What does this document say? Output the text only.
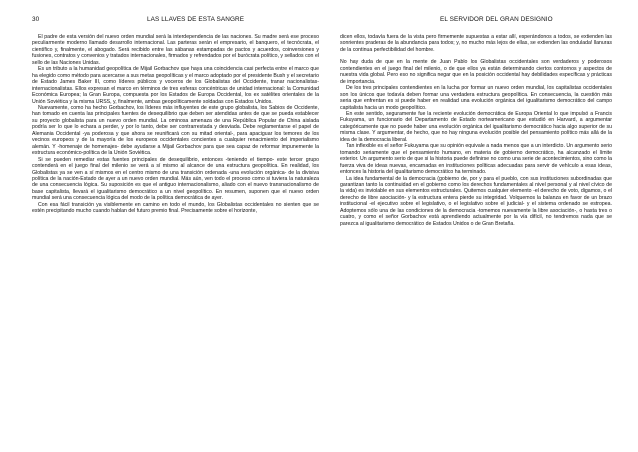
30	LAS LLAVES DE ESTA SANGRE	EL SERVIDOR DEL GRAN DESIGNIO

El padre de esta versión del nuevo orden mundial será la interdependencia de las naciones. Su madre será ese proceso peculiarmente moderno llamado desarrollo internacional. Las parteras serán el empresario, el banquero, el tecnócrata, el científico y, finalmente, el abogado. Será recibido entre las sábanas estampadas de pactos y acuerdos, coinversiones y fusiones, contratos y convenios y tratados internacionales, firmados y refrendados por el burócrata político, y sellados con el sello de las Naciones Unidas.

Es un tributo a la humanidad geopolítica de Mijail Gorbachov que haya una coincidencia casi perfecta entre el marco que ha elegido como método para acercarse a sus metas geopolíticas y el marco adoptado por el presidente Bush y el secretario de Estado James Baker III, como líderes públicos y voceros de los Globalistas del Occidente, tranar nacionalistas-internacionalistas. Ellos expresan el marco en términos de tres esferas concéntricas de unidad internacional: la Comunidad Económica Europea; la Gran Europa, compuesta por los Estados de Europa Occidental, los ex satélites orientales de la Unión Soviética y la misma URSS, y, finalmente, ambas geopolíticamente soldadas con Estados Unidos.

Nuevamente, como ha hecho Gorbachov, los líderes más influyentes de este grupo globalista, los Sabios de Occidente, han tomado en cuenta las principales fuentes de desequilibrio que deben ser atendidas antes de que se pueda establecer su proyecto globalista para un nuevo orden mundial. La ominosa amenaza de una República Popular de China aislada podría ser lo que lo echara a perder, y por lo tanto, debe ser contrarrestada y desviada. Debe reglamentarse el papel de Alemania Occidental -ya poderosa y que ahora se reunificará con su mitad oriental-, para apaciguar los temores de los vecinos europeos y de la mayoría de los europeos occidentales concientes a cualquier renacimiento del imperialismo alemán. Y -homenaje de homenajes- debe ayudarse a Mijail Gorbachov para que sea capaz de reformar impunemente la estructura económico-política de la Unión Soviética.

Si se pueden remediar estas fuentes principales de desequilibrio, entonces -teniendo el tiempo- este tercer grupo contenderá en el juego final del milenio se verá a sí mismo al alcance de una estructura geopolítica. En realidad, los Globalistas ya se ven a sí mismos en el centro mismo de una transición ordenada -una evolución orgánica- de la divisiva política de la nación-Estado de ayer a un nuevo orden mundial. Más aún, ven todo el proceso como si tuviera la naturaleza de una consecuencia lógica. Su suposición es que el antiguo internacionalismo, aliado con el nuevo transnacionalismo de base capitalista, llevará el igualitarismo democrático a un nivel geopolítico. En resumen, suponen que el nuevo orden mundial será una consecuencia lógica del modo de la política democrática de ayer.

Con esa fácil transición ya visiblemente en camino en todo el mundo, los Globalistas occidentales no sienten que se estén precipitando mucho cuando hablan del futuro premio final. Precisamente sobre el horizonte,

dicen ellos, todavía fuera de la vista pero firmemente supuestas a estar allí, esperándonos a todos, se extienden las sonrientes praderas de la abundancia para todos; y, no mucho más lejos de ellas, se extienden las ondulada! llanuras de la continua perfectibilidad del hombre.

No hay duda de que en la mente de Juan Pablo los Globalistas occidentales son verdaderos y poderosos contendientes en el juego final del milenio, o de que ellos ya están determinando ciertos contornos y aspectos de nuestra vida global. Pero eso no significa negar que en la posición occidental hay debilidades específicas y prácticas de importancia.

De los tres principales contendientes en la lucha por formar un nuevo orden mundial, los capitalistas occidentales son los únicos que todavía deben formar una verdadera estructura geopolítica. En consecuencia, la cuestión más seria que enfrentan es si puede haber en realidad una evolución orgánica del igualitarismo democrático del campo capitalista hacia un modo geopolítico.

En este sentido, seguramente fue la reciente evolución democrática de Europa Oriental lo que impulsó a Francis Fukuyama, un funcionario del Departamento de Estado norteamericano que estudió en Harvard, a argumentar categóricamente que no puede haber una evolución orgánica del igualitarismo democrático hacia algo superior de su misma clase. Y argumentar, de hecho, que no hay ninguna evolución posible del pensamiento político más allá de la idea de la democracia liberal.

Tan inflexible es el señor Fukuyama que su opinión equivale a nada menos que a un interdicto. Un argumento serio tomando seriamente que el pensamiento humano, en materia de gobierno democrático, ha alcanzado el límite exterior. Un argumento serio de que si la historia puede definirse no como una serie de acontecimientos, sino como la fuerza viva de ideas nuevas, encarnadas en instituciones políticas adecuadas para servir de vehículo a esas ideas, entonces la historia del igualitarismo democrático ha terminado.

La idea fundamental de la democracia (gobierno de, por y para el pueblo, con sus instituciones subordinadas que garantizan tanto la continuidad en el gobierno como los derechos fundamentales al nivel personal y al nivel cívico de la vida) es inviolable en sus elementos estructurales. Quitemos cualquier elemento -el derecho de voto, digamos, o el derecho de libre asociación- y la estructura entera pierde su integridad. Volquemos la balanza en favor de un brazo institucional -el ejecutivo sobre el legislativo, o el legislativo sobre el judicial- y el sistema ordenado se estropea. Adoptemos sólo una de las condiciones de la democracia -tomemos nuevamente la libre asociación-, o hasta tres o cuatro, y como el señor Gorbachov está aprendiendo actualmente por la vía difícil, no tendremos nada que se parezca al igualitarismo democrático de Estados Unidos o de Gran Bretaña.
